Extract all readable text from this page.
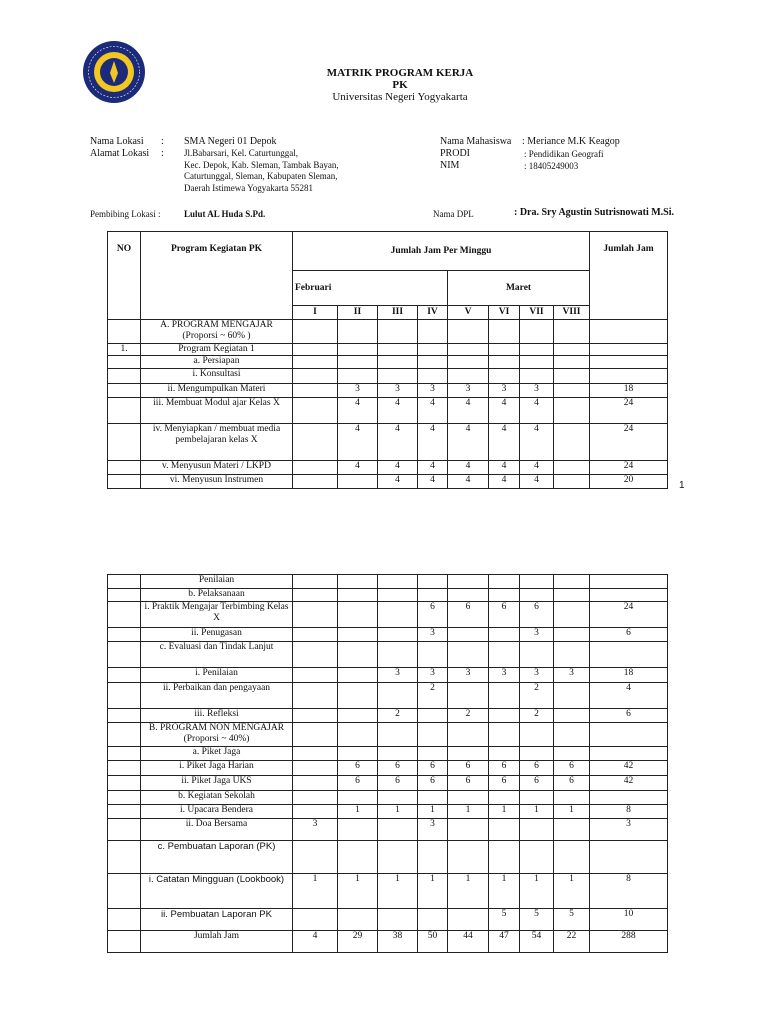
MATRIK PROGRAM KERJA
PK
Universitas Negeri Yogyakarta
Nama Lokasi : SMA Negeri 01 Depok
Alamat Lokasi : Jl.Babarsari, Kel. Caturtunggal,
Kec. Depok, Kab. Sleman, Tambak Bayan,
Caturtunggal, Sleman, Kabupaten Sleman,
Daerah Istimewa Yogyakarta 55281
Nama Mahasiswa : Meriance M.K Keagop
PRODI	: Pendidikan Geografi
NIM	: 18405249003
Pembibing Lokasi :	Lulut AL Huda S.Pd.	Nama DPL	: Dra. Sry Agustin Sutrisnowati M.Si.
NO	Program Kegiatan PK	Jumlah Jam Per Minggu								Jumlah Jam
		Februari				Maret				
		I	II	III	IV	V	VI	VII	VIII	
	A. PROGRAM MENGAJAR (Proporsi ~ 60% )									
1.	Program Kegiatan 1									
	a. Persiapan									
	i. Konsultasi									
	ii. Mengumpulkan Materi		3	3	3	3	3	3		18
	iii. Membuat Modul ajar Kelas X		4	4	4	4	4	4		24
	iv. Menyiapkan / membuat media pembelajaran kelas X		4	4	4	4	4	4		24
	v. Menyusun Materi / LKPD		4	4	4	4	4	4		24
	vi. Menyusun Instrumen			4	4	4	4	4		20	1
	Penilaian									
	b. Pelaksanaan									
	i. Praktik Mengajar Terbimbing Kelas X				6	6	6	6		24
	ii. Penugasan				3			3		6
	c. Evaluasi dan Tindak Lanjut									
	i. Penilaian			3	3	3	3	3	3	18
	ii. Perbaikan dan pengayaan				2			2		4
	iii. Refleksi			2		2		2		6
	B. PROGRAM NON MENGAJAR (Proporsi ~ 40%)									
	a. Piket Jaga									
	i. Piket Jaga Harian		6	6	6	6	6	6	6	42
	ii. Piket Jaga UKS		6	6	6	6	6	6	6	42
	b. Kegiatan Sekolah									
	i. Upacara Bendera		1	1	1	1	1	1	1	8
	ii. Doa Bersama	3			3					3
	c. Pembuatan Laporan (PK)									
	i. Catatan Mingguan (Lookbook)	1	1	1	1	1	1	1	1	8
	ii. Pembuatan Laporan PK						5	5	5	10
	Jumlah Jam	4	29	38	50	44	47	54	22	288
